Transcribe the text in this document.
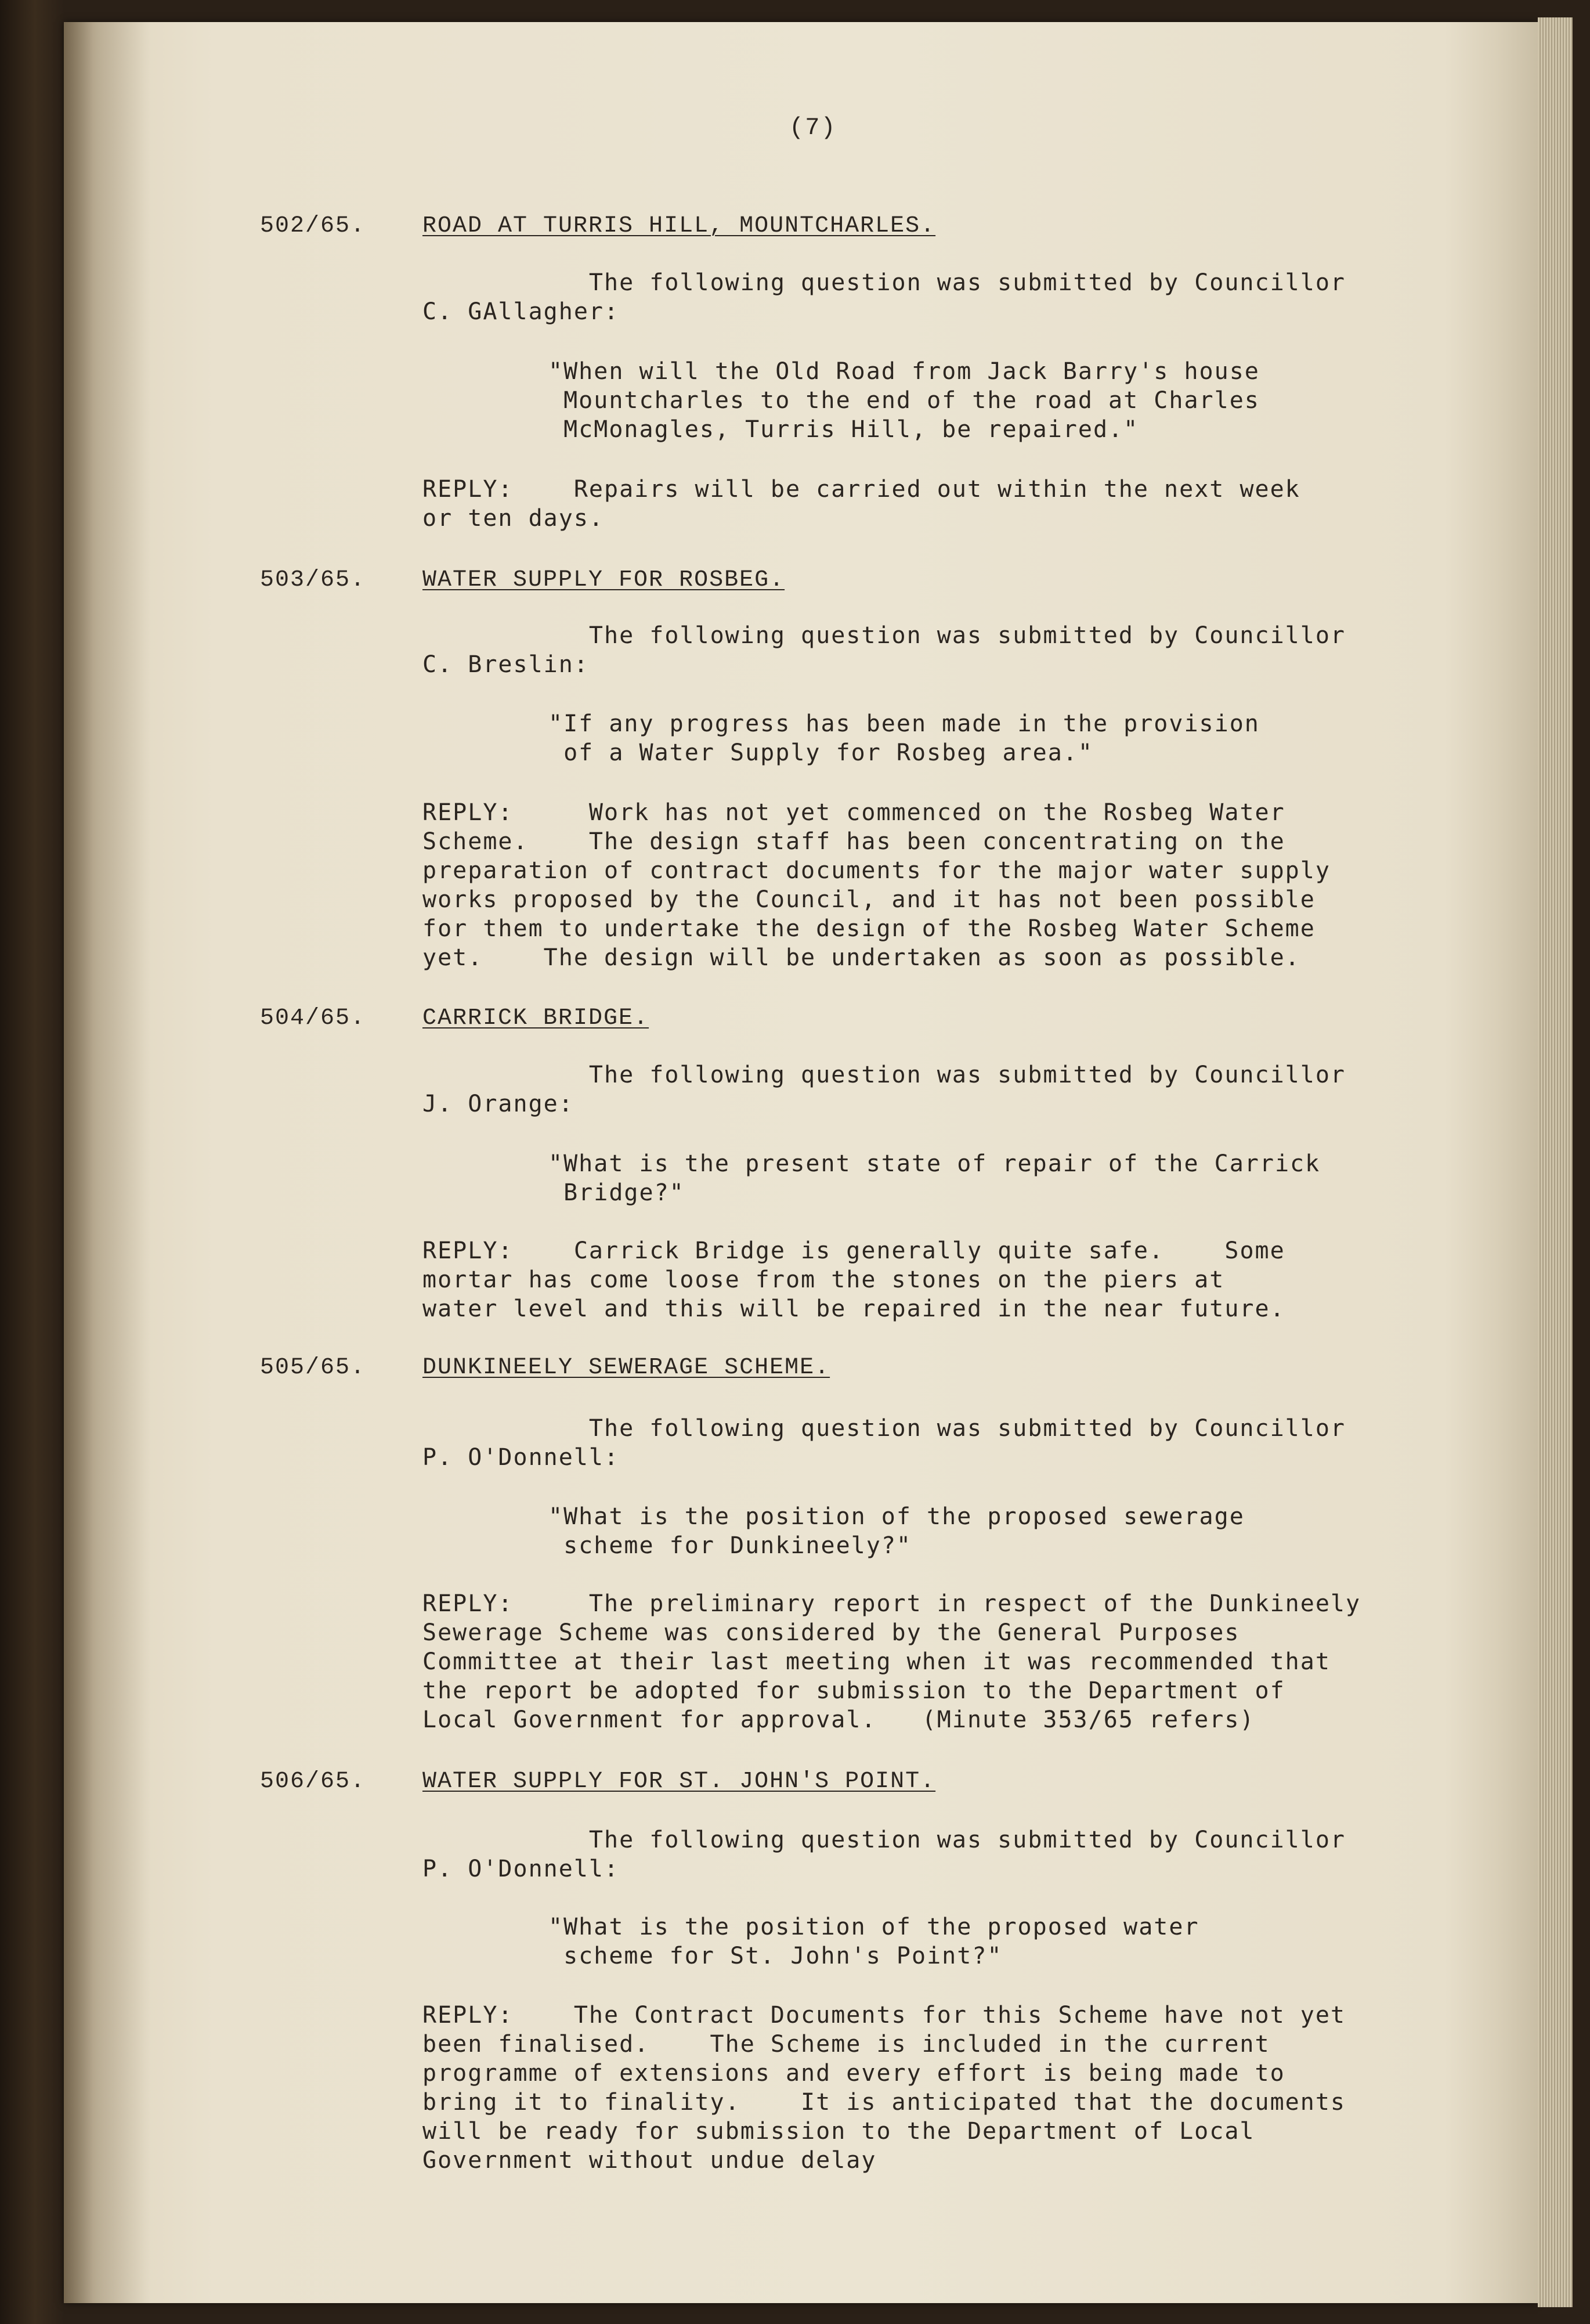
(7)
502/65. ROAD AT TURRIS HILL, MOUNTCHARLES.
The following question was submitted by Councillor
C. GAllagher:
"When will the Old Road from Jack Barry's house
Mountcharles to the end of the road at Charles
McMonagles, Turris Hill, be repaired."
REPLY:	Repairs will be carried out within the next week
or ten days.
503/65. WATER SUPPLY FOR ROSBEG.
The following question was submitted by Councillor
C. Breslin:
"If any progress has been made in the provision
of a Water Supply for Rosbeg area."
REPLY:	Work has not yet commenced on the Rosbeg Water
Scheme.    The design staff has been concentrating on the
preparation of contract documents for the major water supply
works proposed by the Council, and it has not been possible
for them to undertake the design of the Rosbeg Water Scheme
yet.    The design will be undertaken as soon as possible.
504/65. CARRICK BRIDGE.
The following question was submitted by Councillor
J. Orange:
"What is the present state of repair of the Carrick
Bridge?"
REPLY:	Carrick Bridge is generally quite safe.    Some
mortar has come loose from the stones on the piers at
water level and this will be repaired in the near future.
505/65. DUNKINEELY SEWERAGE SCHEME.
The following question was submitted by Councillor
P. O'Donnell:
"What is the position of the proposed sewerage
scheme for Dunkineely?"
REPLY:	The preliminary report in respect of the Dunkineely
Sewerage Scheme was considered by the General Purposes
Committee at their last meeting when it was recommended that
the report be adopted for submission to the Department of
Local Government for approval.   (Minute 353/65 refers)
506/65. WATER SUPPLY FOR ST. JOHN'S POINT.
The following question was submitted by Councillor
P. O'Donnell:
"What is the position of the proposed water
scheme for St. John's Point?"
REPLY:	The Contract Documents for this Scheme have not yet
been finalised.    The Scheme is included in the current
programme of extensions and every effort is being made to
bring it to finality.    It is anticipated that the documents
will be ready for submission to the Department of Local
Government without undue delay
